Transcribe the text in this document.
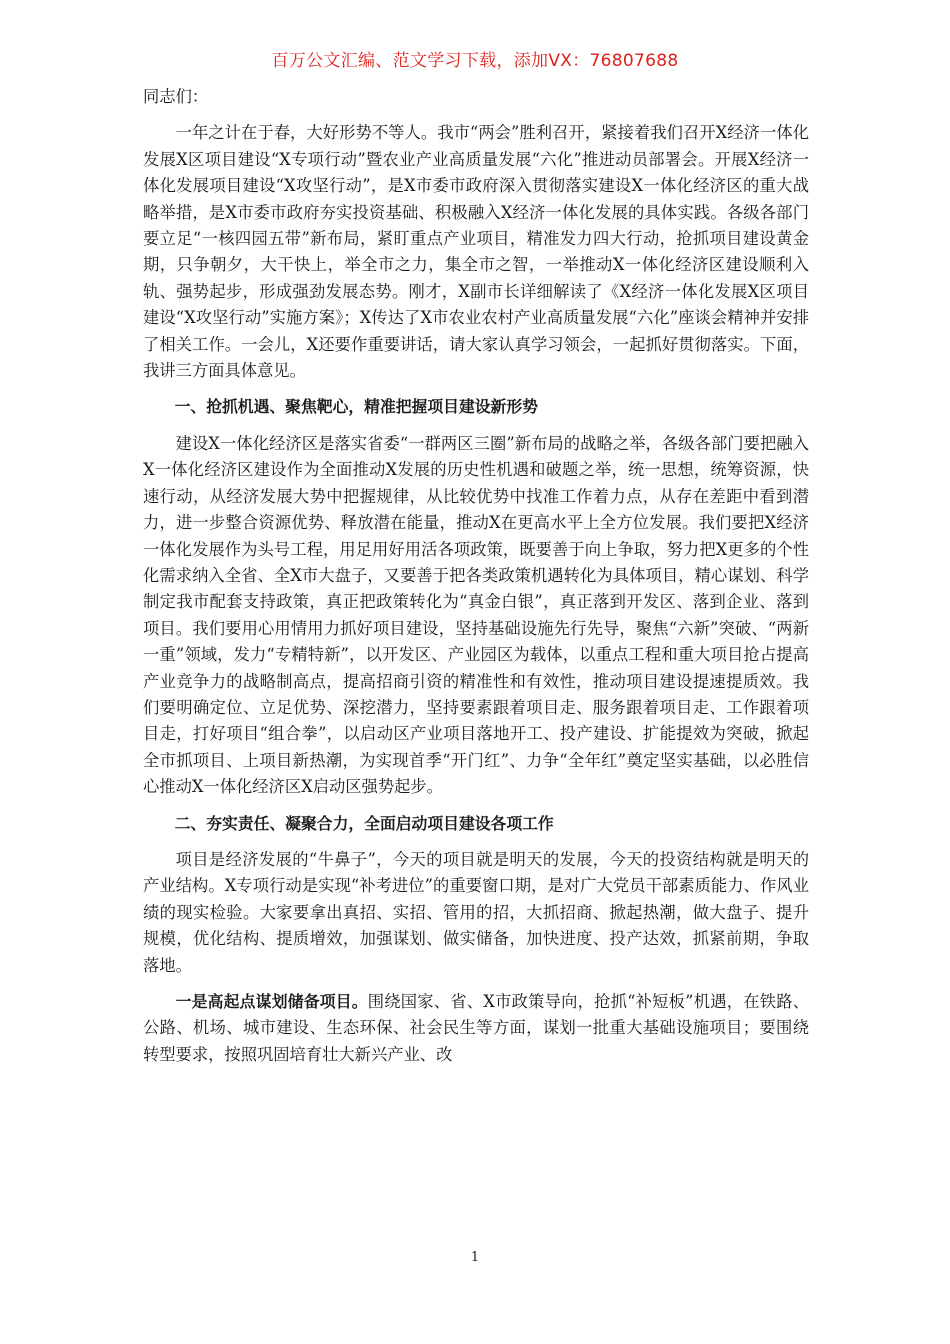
百万公文汇编、范文学习下载，添加VX：76807688

同志们：

一年之计在于春，大好形势不等人。我市“两会”胜利召开，紧接着我们召开X经济一体化发展X区项目建设“X专项行动”暨农业产业高质量发展“六化”推进动员部署会。开展X经济一体化发展项目建设“X攻坚行动”，是X市委市政府深入贯彻落实建设X一体化经济区的重大战略举措，是X市委市政府夯实投资基础、积极融入X经济一体化发展的具体实践。各级各部门要立足“一核四园五带”新布局，紧盯重点产业项目，精准发力四大行动，抢抓项目建设黄金期，只争朝夕，大干快上，举全市之力，集全市之智，一举推动X一体化经济区建设顺利入轨、强势起步，形成强劲发展态势。刚才，X副市长详细解读了《X经济一体化发展X区项目建设“X攻坚行动”实施方案》；X传达了X市农业农村产业高质量发展“六化”座谈会精神并安排了相关工作。一会儿，X还要作重要讲话，请大家认真学习领会，一起抓好贯彻落实。下面，我讲三方面具体意见。

一、抢抓机遇、聚焦靶心，精准把握项目建设新形势

建设X一体化经济区是落实省委“一群两区三圈”新布局的战略之举，各级各部门要把融入X一体化经济区建设作为全面推动X发展的历史性机遇和破题之举，统一思想，统筹资源，快速行动，从经济发展大势中把握规律，从比较优势中找准工作着力点，从存在差距中看到潜力，进一步整合资源优势、释放潜在能量，推动X在更高水平上全方位发展。我们要把X经济一体化发展作为头号工程，用足用好用活各项政策，既要善于向上争取，努力把X更多的个性化需求纳入全省、全X市大盘子，又要善于把各类政策机遇转化为具体项目，精心谋划、科学制定我市配套支持政策，真正把政策转化为“真金白银”，真正落到开发区、落到企业、落到项目。我们要用心用情用力抓好项目建设，坚持基础设施先行先导，聚焦“六新”突破、“两新一重”领域，发力“专精特新”，以开发区、产业园区为载体，以重点工程和重大项目抢占提高产业竞争力的战略制高点，提高招商引资的精准性和有效性，推动项目建设提速提质效。我们要明确定位、立足优势、深挖潜力，坚持要素跟着项目走、服务跟着项目走、工作跟着项目走，打好项目“组合拳”，以启动区产业项目落地开工、投产建设、扩能提效为突破，掀起全市抓项目、上项目新热潮，为实现首季“开门红”、力争“全年红”奠定坚实基础，以必胜信心推动X一体化经济区X启动区强势起步。

二、夯实责任、凝聚合力，全面启动项目建设各项工作

项目是经济发展的“牛鼻子”，今天的项目就是明天的发展，今天的投资结构就是明天的产业结构。X专项行动是实现“补考进位”的重要窗口期，是对广大党员干部素质能力、作风业绩的现实检验。大家要拿出真招、实招、管用的招，大抓招商、掀起热潮，做大盘子、提升规模，优化结构、提质增效，加强谋划、做实储备，加快进度、投产达效，抓紧前期，争取落地。

一是高起点谋划储备项目。围绕国家、省、X市政策导向，抢抓“补短板”机遇，在铁路、公路、机场、城市建设、生态环保、社会民生等方面，谋划一批重大基础设施项目；要围绕转型要求，按照巩固培育壮大新兴产业、改

1
